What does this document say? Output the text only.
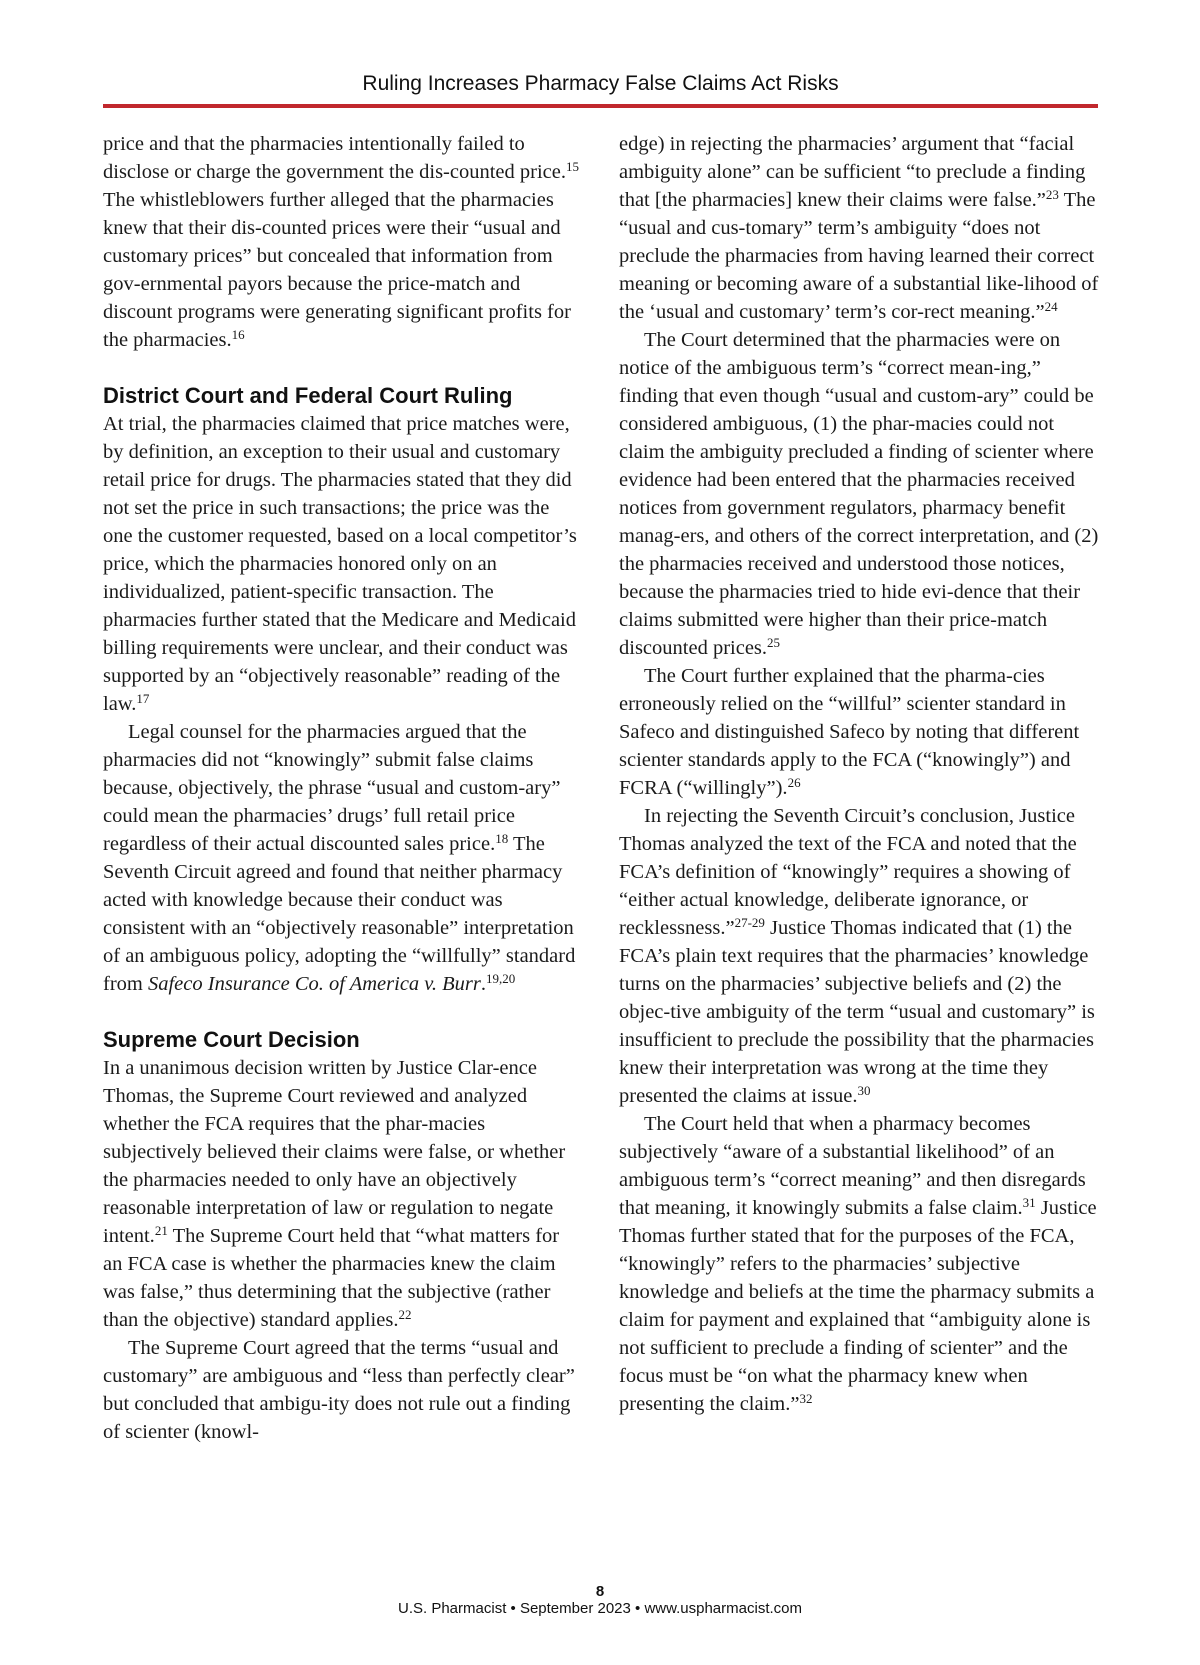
Ruling Increases Pharmacy False Claims Act Risks

price and that the pharmacies intentionally failed to disclose or charge the government the dis-counted price.$^{15}$ The whistleblowers further alleged that the pharmacies knew that their dis-counted prices were their “usual and customary prices” but concealed that information from gov-ernmental payors because the price-match and discount programs were generating significant profits for the pharmacies.$^{16}$

District Court and Federal Court Ruling

At trial, the pharmacies claimed that price matches were, by definition, an exception to their usual and customary retail price for drugs. The pharmacies stated that they did not set the price in such transactions; the price was the one the customer requested, based on a local competitor’s price, which the pharmacies honored only on an individualized, patient-specific transaction. The pharmacies further stated that the Medicare and Medicaid billing requirements were unclear, and their conduct was supported by an “objectively reasonable” reading of the law.$^{17}$

Legal counsel for the pharmacies argued that the pharmacies did not “knowingly” submit false claims because, objectively, the phrase “usual and custom-ary” could mean the pharmacies’ drugs’ full retail price regardless of their actual discounted sales price.$^{18}$ The Seventh Circuit agreed and found that neither pharmacy acted with knowledge because their conduct was consistent with an “objectively reasonable” interpretation of an ambiguous policy, adopting the “willfully” standard from Safeco Insurance Co. of America v. Burr.$^{19,20}$

Supreme Court Decision

In a unanimous decision written by Justice Clar-ence Thomas, the Supreme Court reviewed and analyzed whether the FCA requires that the phar-macies subjectively believed their claims were false, or whether the pharmacies needed to only have an objectively reasonable interpretation of law or regulation to negate intent.$^{21}$ The Supreme Court held that “what matters for an FCA case is whether the pharmacies knew the claim was false,” thus determining that the subjective (rather than the objective) standard applies.$^{22}$

The Supreme Court agreed that the terms “usual and customary” are ambiguous and “less than perfectly clear” but concluded that ambigu-ity does not rule out a finding of scienter (knowl-

edge) in rejecting the pharmacies’ argument that “facial ambiguity alone” can be sufficient “to preclude a finding that [the pharmacies] knew their claims were false.”$^{23}$ The “usual and cus-tomary” term’s ambiguity “does not preclude the pharmacies from having learned their correct meaning or becoming aware of a substantial like-lihood of the ‘usual and customary’ term’s cor-rect meaning.”$^{24}$

The Court determined that the pharmacies were on notice of the ambiguous term’s “correct mean-ing,” finding that even though “usual and custom-ary” could be considered ambiguous, (1) the phar-macies could not claim the ambiguity precluded a finding of scienter where evidence had been entered that the pharmacies received notices from government regulators, pharmacy benefit manag-ers, and others of the correct interpretation, and (2) the pharmacies received and understood those notices, because the pharmacies tried to hide evi-dence that their claims submitted were higher than their price-match discounted prices.$^{25}$

The Court further explained that the pharma-cies erroneously relied on the “willful” scienter standard in Safeco and distinguished Safeco by noting that different scienter standards apply to the FCA (“knowingly”) and FCRA (“willingly”).$^{26}$

In rejecting the Seventh Circuit’s conclusion, Justice Thomas analyzed the text of the FCA and noted that the FCA’s definition of “knowingly” requires a showing of “either actual knowledge, deliberate ignorance, or recklessness.”$^{27-29}$ Justice Thomas indicated that (1) the FCA’s plain text requires that the pharmacies’ knowledge turns on the pharmacies’ subjective beliefs and (2) the objec-tive ambiguity of the term “usual and customary” is insufficient to preclude the possibility that the pharmacies knew their interpretation was wrong at the time they presented the claims at issue.$^{30}$

The Court held that when a pharmacy becomes subjectively “aware of a substantial likelihood” of an ambiguous term’s “correct meaning” and then disregards that meaning, it knowingly submits a false claim.$^{31}$ Justice Thomas further stated that for the purposes of the FCA, “knowingly” refers to the pharmacies’ subjective knowledge and beliefs at the time the pharmacy submits a claim for payment and explained that “ambiguity alone is not sufficient to preclude a finding of scienter” and the focus must be “on what the pharmacy knew when presenting the claim.”$^{32}$

8
U.S. Pharmacist • September 2023 • www.uspharmacist.com
